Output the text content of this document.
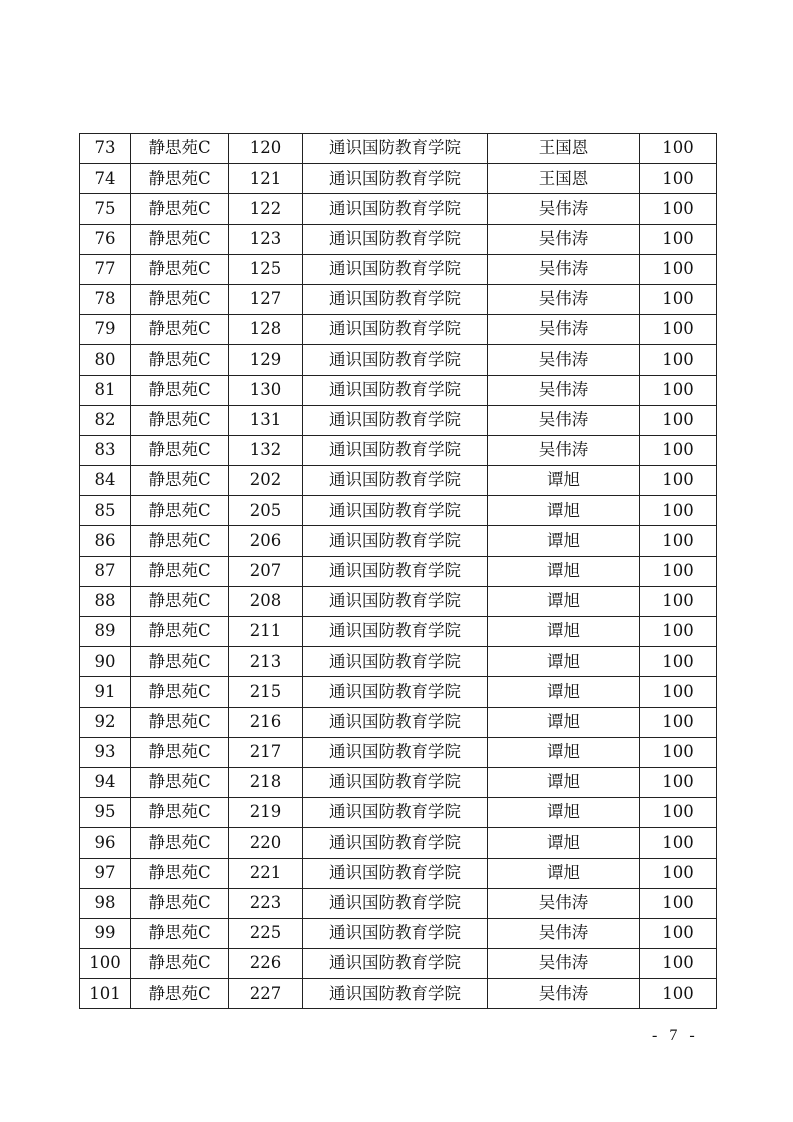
73	静思苑C	120	通识国防教育学院	王国恩	100
74	静思苑C	121	通识国防教育学院	王国恩	100
75	静思苑C	122	通识国防教育学院	吴伟涛	100
76	静思苑C	123	通识国防教育学院	吴伟涛	100
77	静思苑C	125	通识国防教育学院	吴伟涛	100
78	静思苑C	127	通识国防教育学院	吴伟涛	100
79	静思苑C	128	通识国防教育学院	吴伟涛	100
80	静思苑C	129	通识国防教育学院	吴伟涛	100
81	静思苑C	130	通识国防教育学院	吴伟涛	100
82	静思苑C	131	通识国防教育学院	吴伟涛	100
83	静思苑C	132	通识国防教育学院	吴伟涛	100
84	静思苑C	202	通识国防教育学院	谭旭	100
85	静思苑C	205	通识国防教育学院	谭旭	100
86	静思苑C	206	通识国防教育学院	谭旭	100
87	静思苑C	207	通识国防教育学院	谭旭	100
88	静思苑C	208	通识国防教育学院	谭旭	100
89	静思苑C	211	通识国防教育学院	谭旭	100
90	静思苑C	213	通识国防教育学院	谭旭	100
91	静思苑C	215	通识国防教育学院	谭旭	100
92	静思苑C	216	通识国防教育学院	谭旭	100
93	静思苑C	217	通识国防教育学院	谭旭	100
94	静思苑C	218	通识国防教育学院	谭旭	100
95	静思苑C	219	通识国防教育学院	谭旭	100
96	静思苑C	220	通识国防教育学院	谭旭	100
97	静思苑C	221	通识国防教育学院	谭旭	100
98	静思苑C	223	通识国防教育学院	吴伟涛	100
99	静思苑C	225	通识国防教育学院	吴伟涛	100
100	静思苑C	226	通识国防教育学院	吴伟涛	100
101	静思苑C	227	通识国防教育学院	吴伟涛	100
- 7 -
